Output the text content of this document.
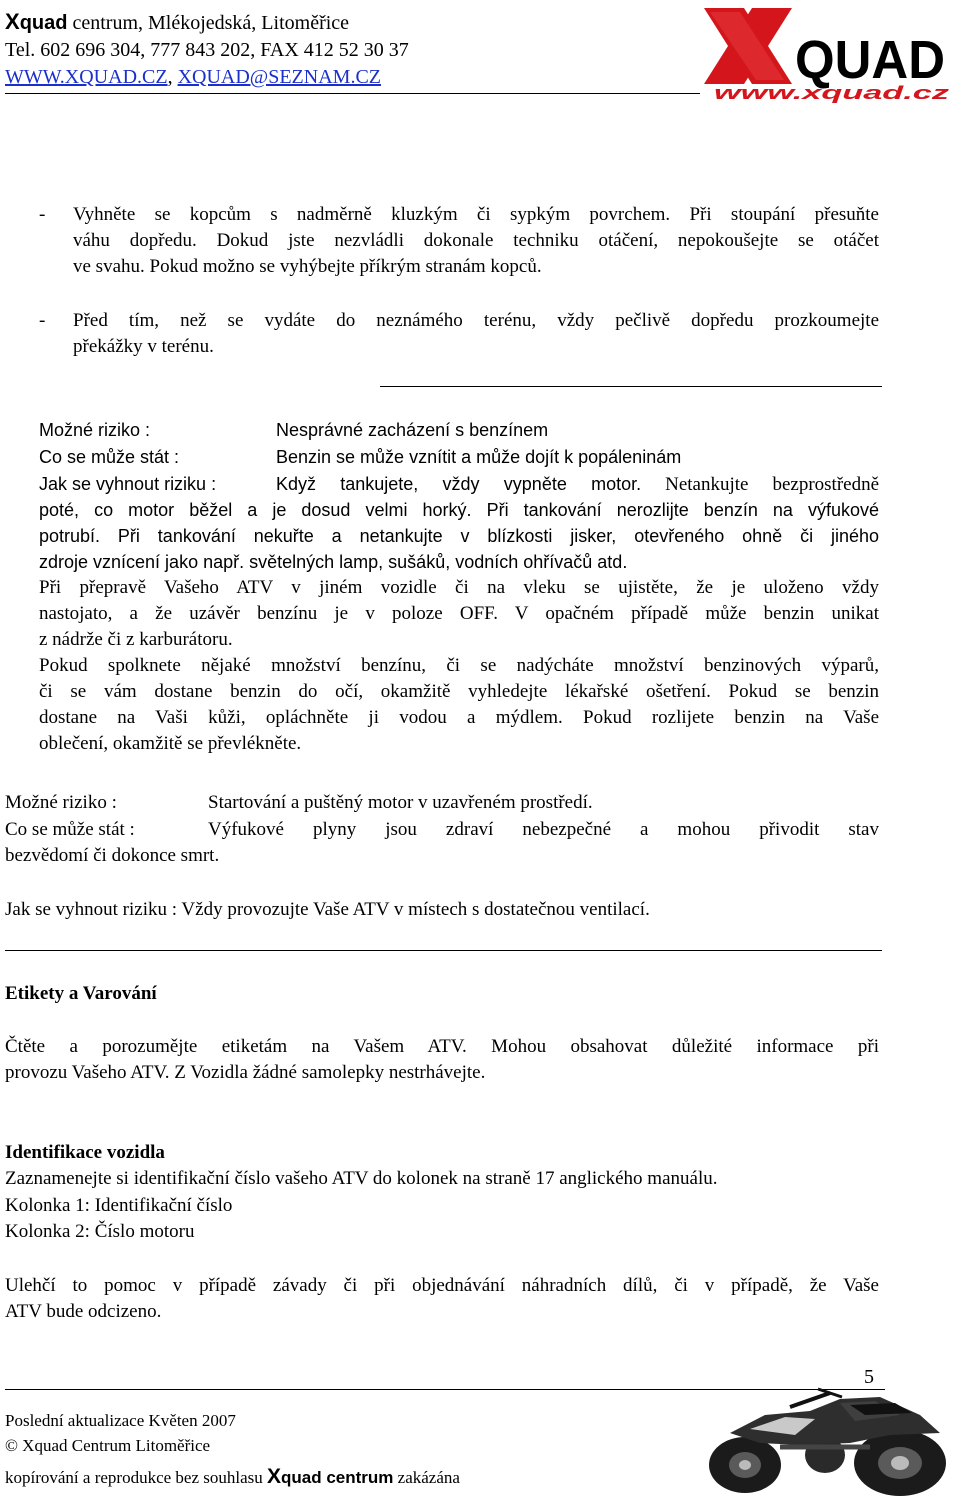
Xquad centrum, Mlékojedská, Litoměřice
Tel. 602 696 304, 777 843 202, FAX 412 52 30 37
WWW.XQUAD.CZ, XQUAD@SEZNAM.CZ	QUAD
www.xquad.cz
- Vyhněte se kopcům s nadměrně kluzkým či sypkým povrchem. Při stoupání přesuňte
váhu dopředu. Dokud jste nezvládli dokonale techniku otáčení, nepokoušejte se otáčet
ve svahu. Pokud možno se vyhýbejte příkrým stranám kopců.
- Před tím, než se vydáte do neznámého terénu, vždy pečlivě dopředu prozkoumejte
překážky v terénu.
Možné riziko :	Nesprávné zacházení s benzínem
Co se může stát :	Benzin se může vznítit a může dojít k popáleninám
Jak se vyhnout riziku :	Když tankujete, vždy vypněte motor. Netankujte bezprostředně
poté, co motor běžel a je dosud velmi horký. Při tankování nerozlijte benzín na výfukové
potrubí. Při tankování nekuřte a netankujte v blízkosti jisker, otevřeného ohně či jiného
zdroje vznícení jako např. světelných lamp, sušáků, vodních ohřívačů atd.
Při přepravě Vašeho ATV v jiném vozidle či na vleku se ujistěte, že je uloženo vždy
nastojato, a že uzávěr benzínu je v poloze OFF. V opačném případě může benzin unikat
z nádrže či z karburátoru.
Pokud spolknete nějaké množství benzínu, či se nadýcháte množství benzinových výparů,
či se vám dostane benzin do očí, okamžitě vyhledejte lékařské ošetření. Pokud se benzin
dostane na Vaši kůži, opláchněte ji vodou a mýdlem. Pokud rozlijete benzin na Vaše
oblečení, okamžitě se převlékněte.
Možné riziko :	Startování a puštěný motor v uzavřeném prostředí.
Co se může stát :	Výfukové plyny jsou zdraví nebezpečné a mohou přivodit stav
bezvědomí či dokonce smrt.
Jak se vyhnout riziku : Vždy provozujte Vaše ATV v místech s dostatečnou ventilací.
Etikety a Varování
Čtěte a porozumějte etiketám na Vašem ATV. Mohou obsahovat důležité informace při
provozu Vašeho ATV. Z Vozidla žádné samolepky nestrhávejte.
Identifikace vozidla
Zaznamenejte si identifikační číslo vašeho ATV do kolonek na straně 17 anglického manuálu.
Kolonka 1: Identifikační číslo
Kolonka 2: Číslo motoru
Ulehčí to pomoc v případě závady či při objednávání náhradních dílů, či v případě, že Vaše
ATV bude odcizeno.
5
Poslední aktualizace Květen 2007
© Xquad Centrum Litoměřice
kopírování a reprodukce bez souhlasu Xquad centrum zakázána
